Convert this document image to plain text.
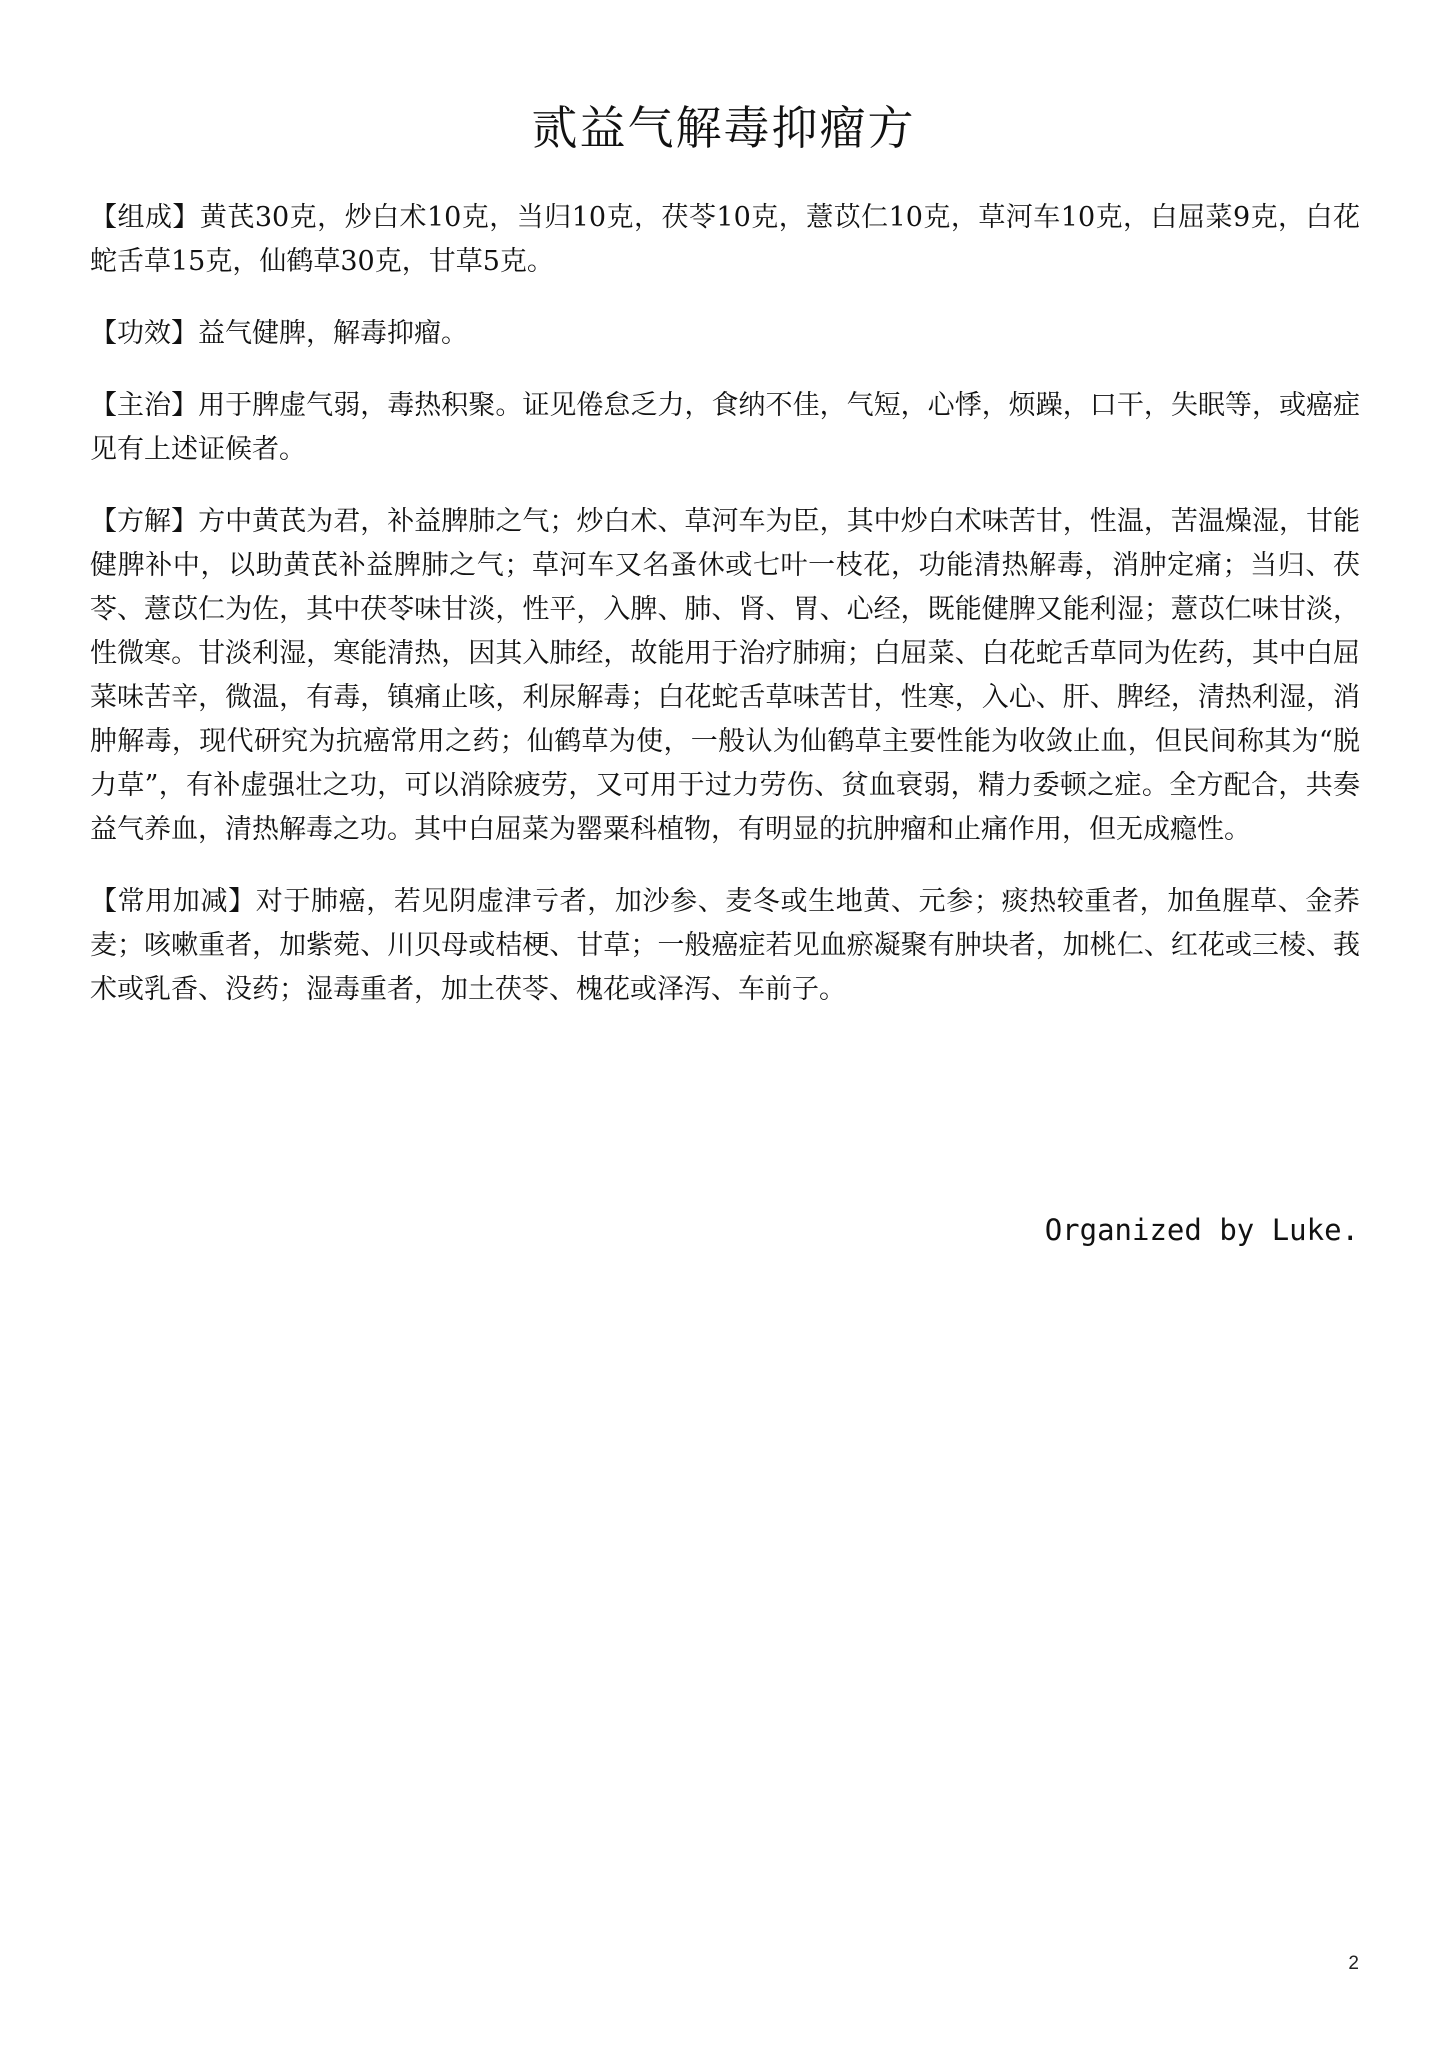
贰益气解毒抑瘤方

【组成】黄芪30克，炒白术10克，当归10克，茯苓10克，薏苡仁10克，草河车10克，白屈菜9克，白花蛇舌草15克，仙鹤草30克，甘草5克。

【功效】益气健脾，解毒抑瘤。

【主治】用于脾虚气弱，毒热积聚。证见倦怠乏力，食纳不佳，气短，心悸，烦躁，口干，失眠等，或癌症见有上述证候者。

【方解】方中黄芪为君，补益脾肺之气；炒白术、草河车为臣，其中炒白术味苦甘，性温，苦温燥湿，甘能健脾补中，以助黄芪补益脾肺之气；草河车又名蚤休或七叶一枝花，功能清热解毒，消肿定痛；当归、茯苓、薏苡仁为佐，其中茯苓味甘淡，性平，入脾、肺、肾、胃、心经，既能健脾又能利湿；薏苡仁味甘淡，性微寒。甘淡利湿，寒能清热，因其入肺经，故能用于治疗肺痈；白屈菜、白花蛇舌草同为佐药，其中白屈菜味苦辛，微温，有毒，镇痛止咳，利尿解毒；白花蛇舌草味苦甘，性寒，入心、肝、脾经，清热利湿，消肿解毒，现代研究为抗癌常用之药；仙鹤草为使，一般认为仙鹤草主要性能为收敛止血，但民间称其为“脱力草”，有补虚强壮之功，可以消除疲劳，又可用于过力劳伤、贫血衰弱，精力委顿之症。全方配合，共奏益气养血，清热解毒之功。其中白屈菜为罂粟科植物，有明显的抗肿瘤和止痛作用，但无成瘾性。

【常用加减】对于肺癌，若见阴虚津亏者，加沙参、麦冬或生地黄、元参；痰热较重者，加鱼腥草、金荞麦；咳嗽重者，加紫菀、川贝母或桔梗、甘草；一般癌症若见血瘀凝聚有肿块者，加桃仁、红花或三棱、莪术或乳香、没药；湿毒重者，加土茯苓、槐花或泽泻、车前子。

Organized by Luke.
2
